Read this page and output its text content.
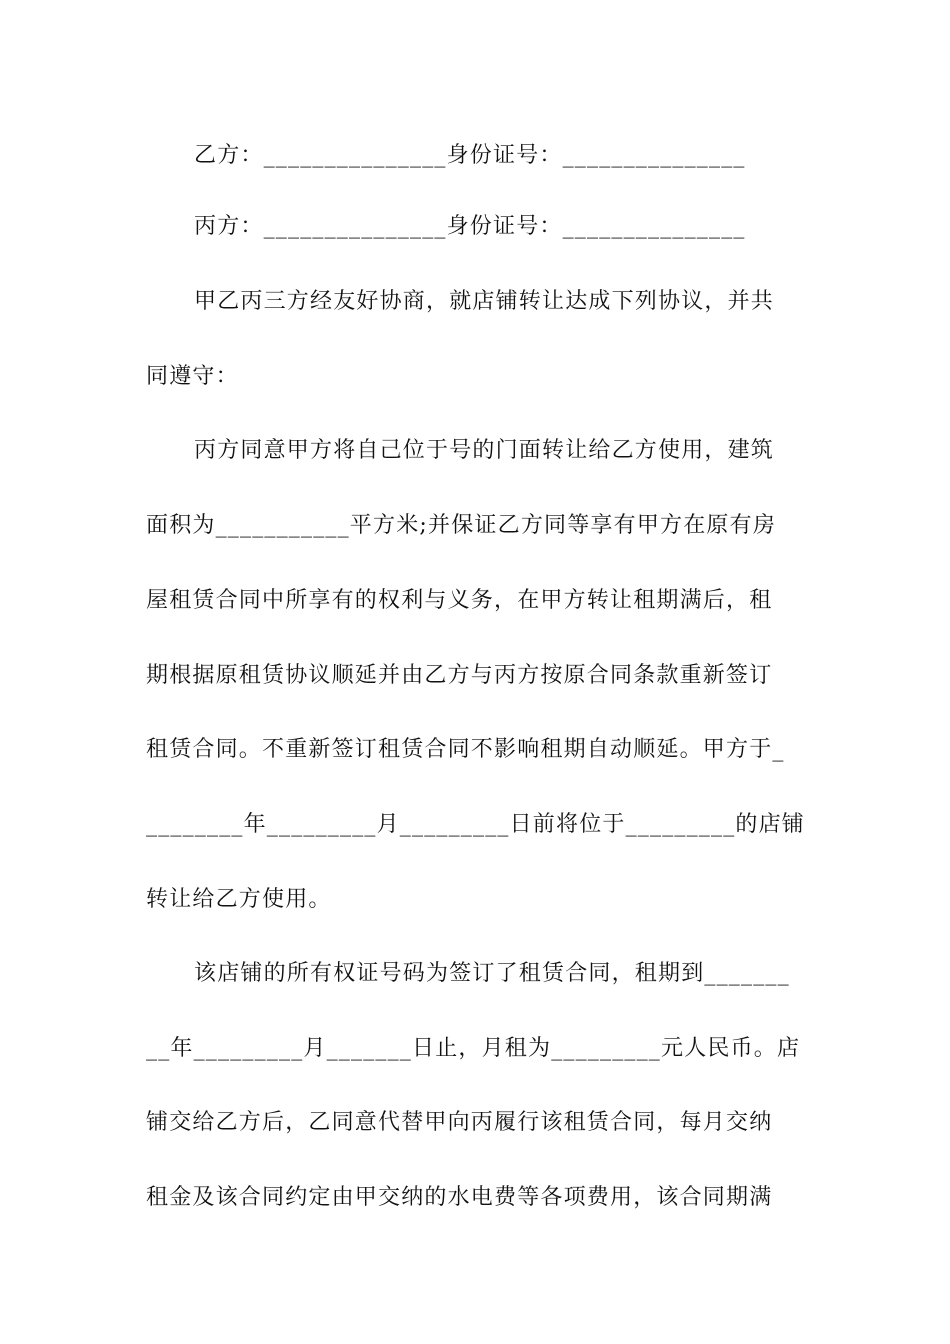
乙方：_______________身份证号：_______________
丙方：_______________身份证号：_______________
甲乙丙三方经友好协商，就店铺转让达成下列协议，并共
同遵守：
丙方同意甲方将自己位于号的门面转让给乙方使用，建筑
面积为___________平方米;并保证乙方同等享有甲方在原有房
屋租赁合同中所享有的权利与义务，在甲方转让租期满后，租
期根据原租赁协议顺延并由乙方与丙方按原合同条款重新签订
租赁合同。不重新签订租赁合同不影响租期自动顺延。甲方于_
________年_________月_________日前将位于_________的店铺
转让给乙方使用。
该店铺的所有权证号码为签订了租赁合同，租期到_______
__年_________月_______日止，月租为_________元人民币。店
铺交给乙方后，乙同意代替甲向丙履行该租赁合同，每月交纳
租金及该合同约定由甲交纳的水电费等各项费用，该合同期满
